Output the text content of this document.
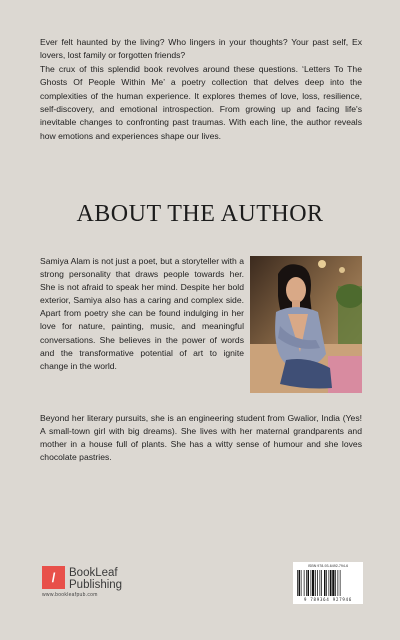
Ever felt haunted by the living? Who lingers in your thoughts? Your past self, Ex lovers, lost family or forgotten friends?

The crux of this splendid book revolves around these questions. ‘Letters To The Ghosts Of People Within Me’ a poetry collection that delves deep into the complexities of the human experience. It explores themes of love, loss, resilience, self-discovery, and emotional introspection. From growing up and facing life's inevitable changes to confronting past traumas. With each line, the author reveals how emotions and experiences shape our lives.

ABOUT THE AUTHOR
Samiya Alam is not just a poet, but a storyteller with a strong personality that draws people towards her. She is not afraid to speak her mind. Despite her bold exterior, Samiya also has a caring and complex side. Apart from poetry she can be found indulging in her love for nature, painting, music, and meaningful conversations. She believes in the power of words and the transformative potential of art to ignite change in the world.
Beyond her literary pursuits, she is an engineering student from Gwalior, India (Yes! A small-town girl with big dreams). She lives with her maternal grandparents and mother in a house full of plants. She has a witty sense of humour and she loves chocolate pastries.
/	BookLeaf
Publishing
www.bookleafpub.com
ISBN 978-93-6492-794-6
9 789364 927946
